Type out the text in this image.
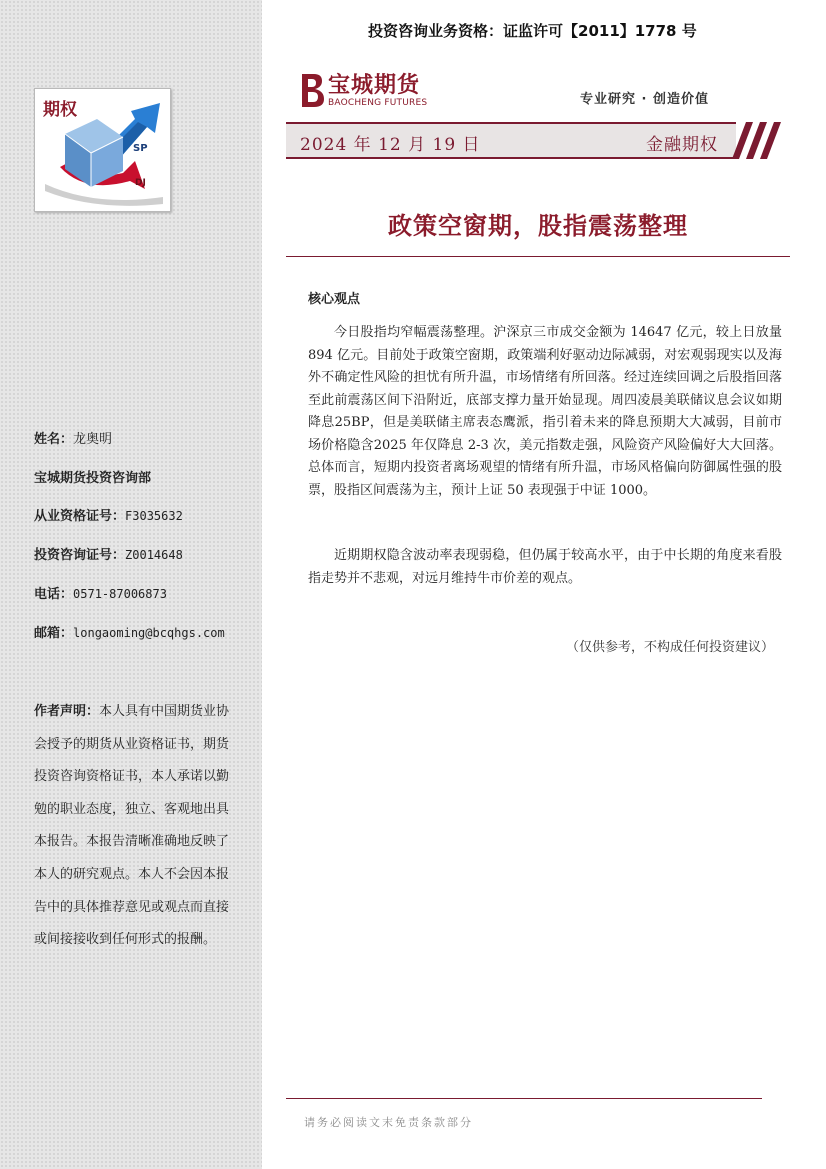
SP
DJ
期权
姓名：龙奥明
宝城期货投资咨询部
从业资格证号：F3035632
投资咨询证号：Z0014648
电话：0571-87006873
邮箱：longaoming@bcqhgs.com
作者声明：本人具有中国期货业协会授予的期货从业资格证书，期货投资咨询资格证书，本人承诺以勤勉的职业态度，独立、客观地出具本报告。本报告清晰准确地反映了本人的研究观点。本人不会因本报告中的具体推荐意见或观点而直接或间接接收到任何形式的报酬。
投资咨询业务资格：证监许可【2011】1778 号
宝城期货
BAOCHENG FUTURES	专业研究 · 创造价值
2024 年 12 月 19 日	金融期权
政策空窗期，股指震荡整理
核心观点
今日股指均窄幅震荡整理。沪深京三市成交金额为 14647 亿元，较上日放量 894 亿元。目前处于政策空窗期，政策端利好驱动边际减弱，对宏观弱现实以及海外不确定性风险的担忧有所升温，市场情绪有所回落。经过连续回调之后股指回落至此前震荡区间下沿附近，底部支撑力量开始显现。周四凌晨美联储议息会议如期降息25BP，但是美联储主席表态鹰派，指引着未来的降息预期大大减弱，目前市场价格隐含2025 年仅降息 2-3 次，美元指数走强，风险资产风险偏好大大回落。总体而言，短期内投资者离场观望的情绪有所升温，市场风格偏向防御属性强的股票，股指区间震荡为主，预计上证 50 表现强于中证 1000。
近期期权隐含波动率表现弱稳，但仍属于较高水平，由于中长期的角度来看股指走势并不悲观，对远月维持牛市价差的观点。
（仅供参考，不构成任何投资建议）
请务必阅读文末免责条款部分
